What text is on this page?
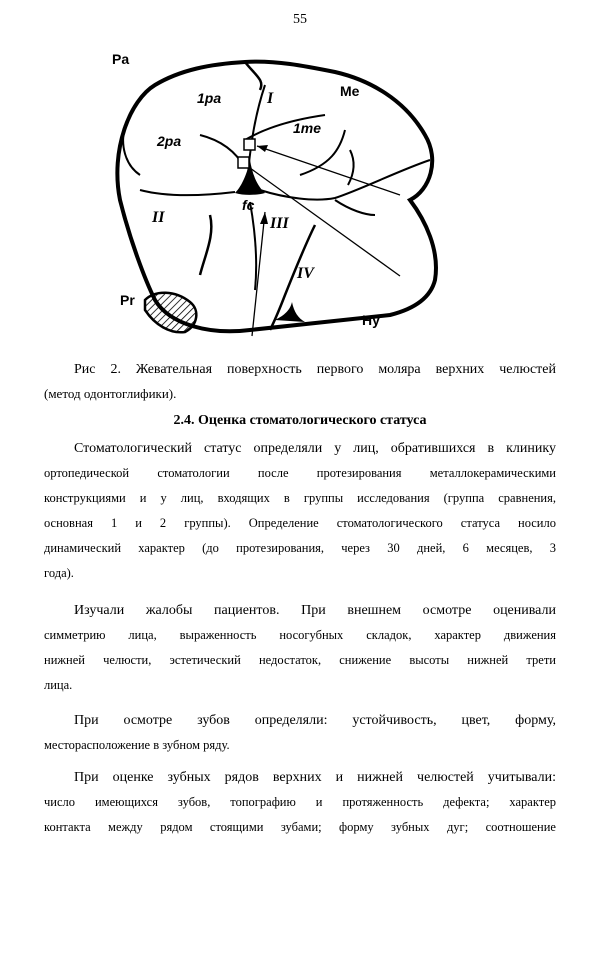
55
Pa
Me
Pr
Hy
1pa
2pa
1me
fc
I
II	III
IV
Рис 2. Жевательная поверхность первого моляра верхних челюстей
(метод одонтоглифики).
2.4. Оценка стоматологического статуса
Стоматологический статус определяли у лиц, обратившихся в клинику
ортопедической стоматологии после протезирования металлокерамическими
конструкциями и у лиц, входящих в группы исследования (группа сравнения,
основная 1 и 2 группы). Определение стоматологического статуса носило
динамический характер (до протезирования, через 30 дней, 6 месяцев, 3
года).
Изучали жалобы пациентов. При внешнем осмотре оценивали
симметрию лица, выраженность носогубных складок, характер движения
нижней челюсти, эстетический недостаток, снижение высоты нижней трети
лица.
При осмотре зубов определяли: устойчивость, цвет, форму,
месторасположение в зубном ряду.
При оценке зубных рядов верхних и нижней челюстей учитывали:
число имеющихся зубов, топографию и протяженность дефекта; характер
контакта между рядом стоящими зубами; форму зубных дуг; соотношение
